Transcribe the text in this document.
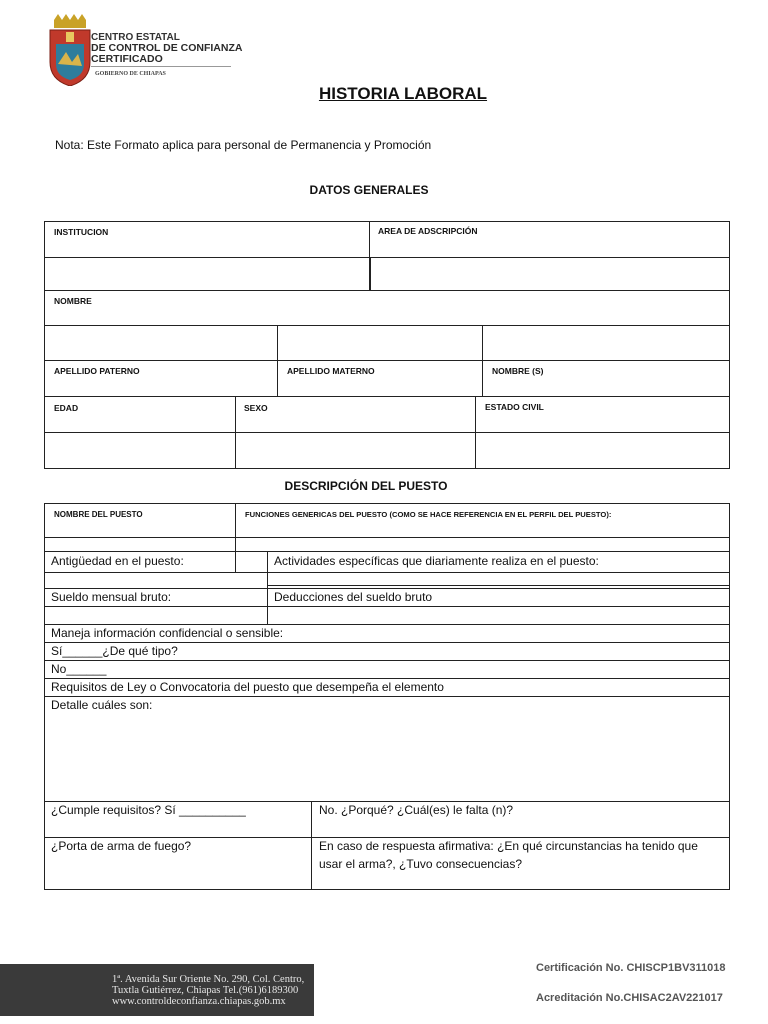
CENTRO ESTATAL
DE CONTROL DE CONFIANZA
CERTIFICADO
GOBIERNO DE CHIAPAS
HISTORIA LABORAL
Nota: Este Formato aplica para personal de Permanencia y Promoción
DATOS GENERALES
INSTITUCION	AREA DE ADSCRIPCIÓN
NOMBRE
APELLIDO PATERNO	APELLIDO MATERNO	NOMBRE (S)
EDAD	SEXO	ESTADO CIVIL
DESCRIPCIÓN DEL PUESTO
NOMBRE DEL PUESTO	FUNCIONES GENERICAS DEL PUESTO (COMO SE HACE REFERENCIA EN EL PERFIL DEL PUESTO):
Antigüedad en el puesto:	Actividades específicas que diariamente realiza en el puesto:
Sueldo mensual bruto:	Deducciones del sueldo bruto
Maneja información confidencial o sensible:
Sí______¿De qué tipo?
No______
Requisitos de Ley o Convocatoria del puesto que desempeña el elemento
Detalle cuáles son:
¿Cumple requisitos? Sí __________	No. ¿Porqué? ¿Cuál(es) le falta (n)?
¿Porta de arma de fuego?	En caso de respuesta afirmativa: ¿En qué circunstancias ha tenido que
usar el arma?, ¿Tuvo consecuencias?
1ª. Avenida Sur Oriente No. 290, Col. Centro,
Tuxtla Gutiérrez, Chiapas Tel.(961)6189300
www.controldeconfianza.chiapas.gob.mx
Certificación No. CHISCP1BV311018
Acreditación No.CHISAC2AV221017
